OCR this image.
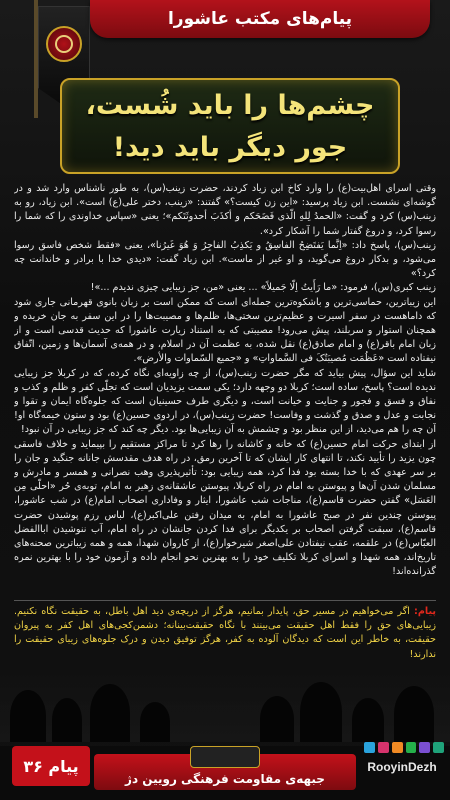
پیام‌های مکتب عاشورا
چشم‌ها را باید شُست،
جور دیگر باید دید!

وقتی اسرای اهل‌بیت(ع) را وارد کاخ ابن زیاد کردند، حضرت زینب(س)، به طور ناشناس وارد شد و در گوشه‌ای نشست. ابن زیاد پرسید: «این زن کیست؟» گفتند: «زینب، دختر علی(ع) است». ابن زیاد، رو به زینب(س) کرد و گفت: «الحمدُ لِلهِ الّذی فَضَحَکم و أکذَبَ أحدوثَتَکم»؛ یعنی «سپاس خداوندی را که شما را رسوا کرد، و دروغ گفتار شما را آشکار کرد».

زینب(س)، پاسخ داد: «اِنَّما یَفتَضِحُ الفاسِقُ و یَکذِبُ الفاجِرُ وَ هُوَ غَیرُنا»، یعنی «فقط شخص فاسق رسوا می‌شود، و بدکار دروغ می‌گوید، و او غیر از ماست». ابن زیاد گفت: «دیدی خدا با برادر و خاندانت چه کرد؟»

زینب کبری(س)، فرمود: «ما رَأَیتُ اِلّا جَمیلاً» ... یعنی «من، جز زیبایی چیزی ندیدم ...»!

این زیباترین، حماسی‌ترین و باشکوه‌ترین جمله‌ای است که ممکن است بر زبان بانوی قهرمانی جاری شود که داماهست در سفر اسیرت و عظیم‌ترین سختی‌ها، ظلم‌ها و مصیبت‌ها را در این سفر به جان خریده و همچنان استوار و سربلند، پیش می‌رود! مصیبتی که به استناد زیارت عاشورا که حدیث قدسی است و از زبان امام باقر(ع) و امام صادق(ع) نقل شده، به عظمت آن در اسلام، و در همه‌ی آسمان‌ها و زمین، اتّفاق نیفتاده است «عَظُمَت مُصیبَتُکَ فی السَّماواتِ» و «جمیع السّماوات والأرض».

شاید این سؤال، پیش بیاید که مگر حضرت زینب(س)، از چه زاویه‌ای نگاه کرده، که در کربلا جز زیبایی ندیده است؟ پاسخ، ساده است؛ کربلا دو وجهه دارد؛ یکی سمت یزیدیان است که تجلّی کفر و ظلم و کذب و نفاق و فسق و فجور و جنایت و خیانت است، و دیگری طرف حسینیان است که جلوه‌گاه ایمان و تقوا و نجابت و عدل و صدق و گذشت و وفاست! حضرت زینب(س)، در اردوی حسین(ع) بود و ستون خیمه‌گاه او! آن چه را هم می‌دید، از این منظر بود و چشمش به آن زیبایی‌ها بود. دیگر چه کند که جز زیبایی در آن نبود!

از ابتدای حرکت امام حسین(ع) که خانه و کاشانه را رها کرد تا مراکز مستقیم را بپیماید و خلاف فاسقی چون یزید را تأیید نکند، تا انتهای کار ایشان که تا آخرین رمق، در راه هدف مقدسش جانانه جنگید و جان را بر سر عهدی که با خدا بسته بود فدا کرد، همه زیبایی بود: تأثیرپذیری وهب نصرانی و همسر و مادرش و مسلمان شدن آن‌ها و پیوستن به امام در راه کربلا، پیوستن عاشقانه‌ی زهیر به امام، توبه‌ی حُر «احلّی مِن العَسَل» گفتن حضرت قاسم(ع)، مناجات شب عاشورا، ایثار و وفاداری اصحاب امام(ع) در شب عاشورا، پیوستن چندین نفر در صبح عاشورا به امام، به میدان رفتن علی‌اکبر(ع)، لباس رزم پوشیدن حضرت قاسم(ع)، سبقت گرفتن اصحاب بر یکدیگر برای فدا کردن جانشان در راه امام، آب ننوشیدن اباالفضل العبّاس(ع) در علقمه، عقب نیفتادن علی‌اصغر شیرخوار(ع)، از کاروان شهدا، همه و همه زیباترین صحنه‌های تاریخ‌اند، همه شهدا و اسرای کربلا تکلیف خود را به بهترین نحو انجام داده و آزمون خود را با بهترین نمره گذرانده‌اند!

پیام: اگر می‌خواهیم در مسیر حق، پایدار بمانیم، هرگز از دریچه‌ی دید اهل باطل، به حقیقت نگاه نکنیم. زیبایی‌های حق را فقط اهل حقیقت می‌بینند با نگاه حقیقت‌بینانه؛ دشمن‌کجی‌های اهل کفر به پیروان حقیقت، به خاطر این است که دیدگان آلوده به کفر، هرگز توفیق دیدن و درک جلوه‌های زیبای حقیقت را ندارند!
جبهه‌ی مقاومت فرهنگی رویین دژ
پیام ۳۶	RooyinDezh
